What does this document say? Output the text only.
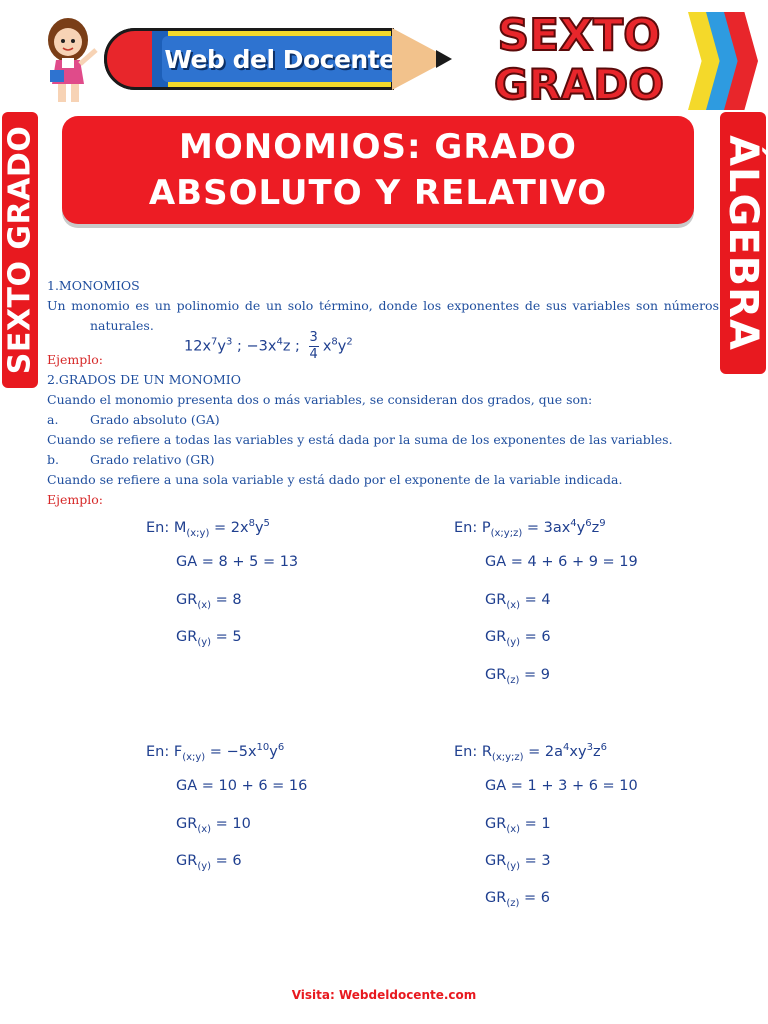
Web del Docente	SEXTO
GRADO
SEXTO GRADO	ÁLGEBRA
MONOMIOS: GRADO
ABSOLUTO Y RELATIVO
1.MONOMIOS
Un monomio es un polinomio de un solo término, donde los exponentes de sus variables son números
naturales.
Ejemplo:
$12x^7y^3$ ; $-3x^4z$ ; $\frac{3}{4} x^8y^2$
2.GRADOS DE UN MONOMIO
Cuando el monomio presenta dos o más variables, se consideran dos grados, que son:
a.	Grado absoluto (GA)
Cuando se refiere a todas las variables y está dada por la suma de los exponentes de las variables.
b. Grado relativo (GR)
Cuando se refiere a una sola variable y está dado por el exponente de la variable indicada.
Ejemplo:
En: $M_{(x;y)} = 2x^8y^5$
GA = 8 + 5 = 13
$GR_{(x)} = 8$
$GR_{(y)} = 5$
En: $P_{(x;y;z)} = 3ax^4y^6z^9$
GA = 4 + 6 + 9 = 19
$GR_{(x)} = 4$
$GR_{(y)} = 6$
$GR_{(z)} = 9$
En: $F_{(x;y)} = -5x^{10}y^6$
GA = 10 + 6 = 16
$GR_{(x)} = 10$
$GR_{(y)} = 6$
En: $R_{(x;y;z)} = 2a^4xy^3z^6$
GA = 1 + 3 + 6 = 10
$GR_{(x)} = 1$
$GR_{(y)} = 3$
$GR_{(z)} = 6$
Visita: Webdeldocente.com
